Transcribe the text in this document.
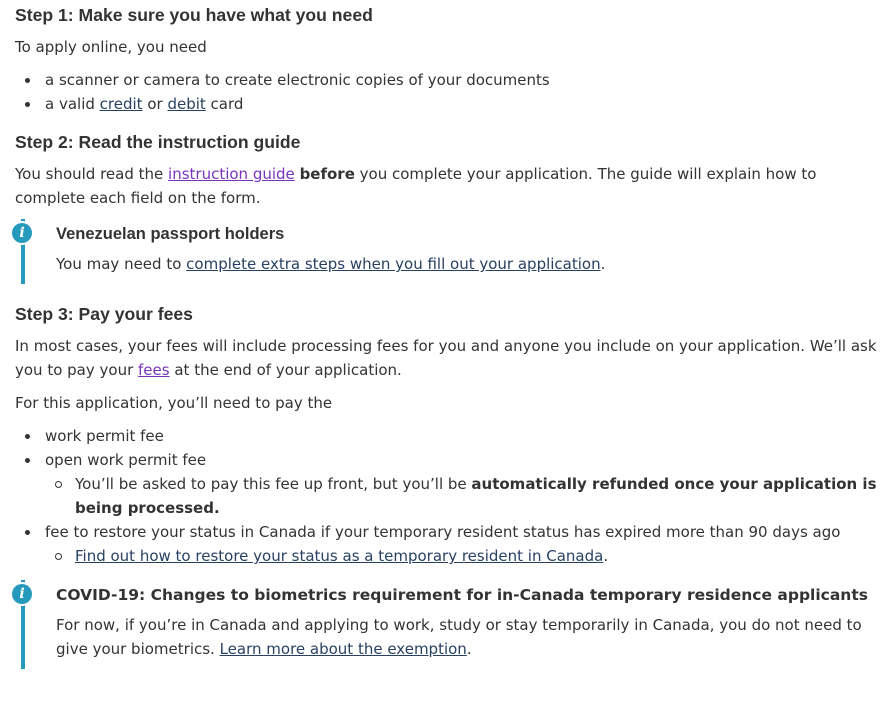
Step 1: Make sure you have what you need

To apply online, you need

a scanner or camera to create electronic copies of your documents
a valid credit or debit card
Step 2: Read the instruction guide

You should read the instruction guide before you complete your application. The guide will explain how to complete each field on the form.

i	Venezuelan passport holders

You may need to complete extra steps when you fill out your application.

Step 3: Pay your fees

In most cases, your fees will include processing fees for you and anyone you include on your application. We’ll ask you to pay your fees at the end of your application.

For this application, you’ll need to pay the

work permit fee
open work permit fee
You’ll be asked to pay this fee up front, but you’ll be automatically refunded once your application is being processed.
fee to restore your status in Canada if your temporary resident status has expired more than 90 days ago
Find out how to restore your status as a temporary resident in Canada.
i	COVID-19: Changes to biometrics requirement for in-Canada temporary residence applicants

For now, if you’re in Canada and applying to work, study or stay temporarily in Canada, you do not need to give your biometrics. Learn more about the exemption.
